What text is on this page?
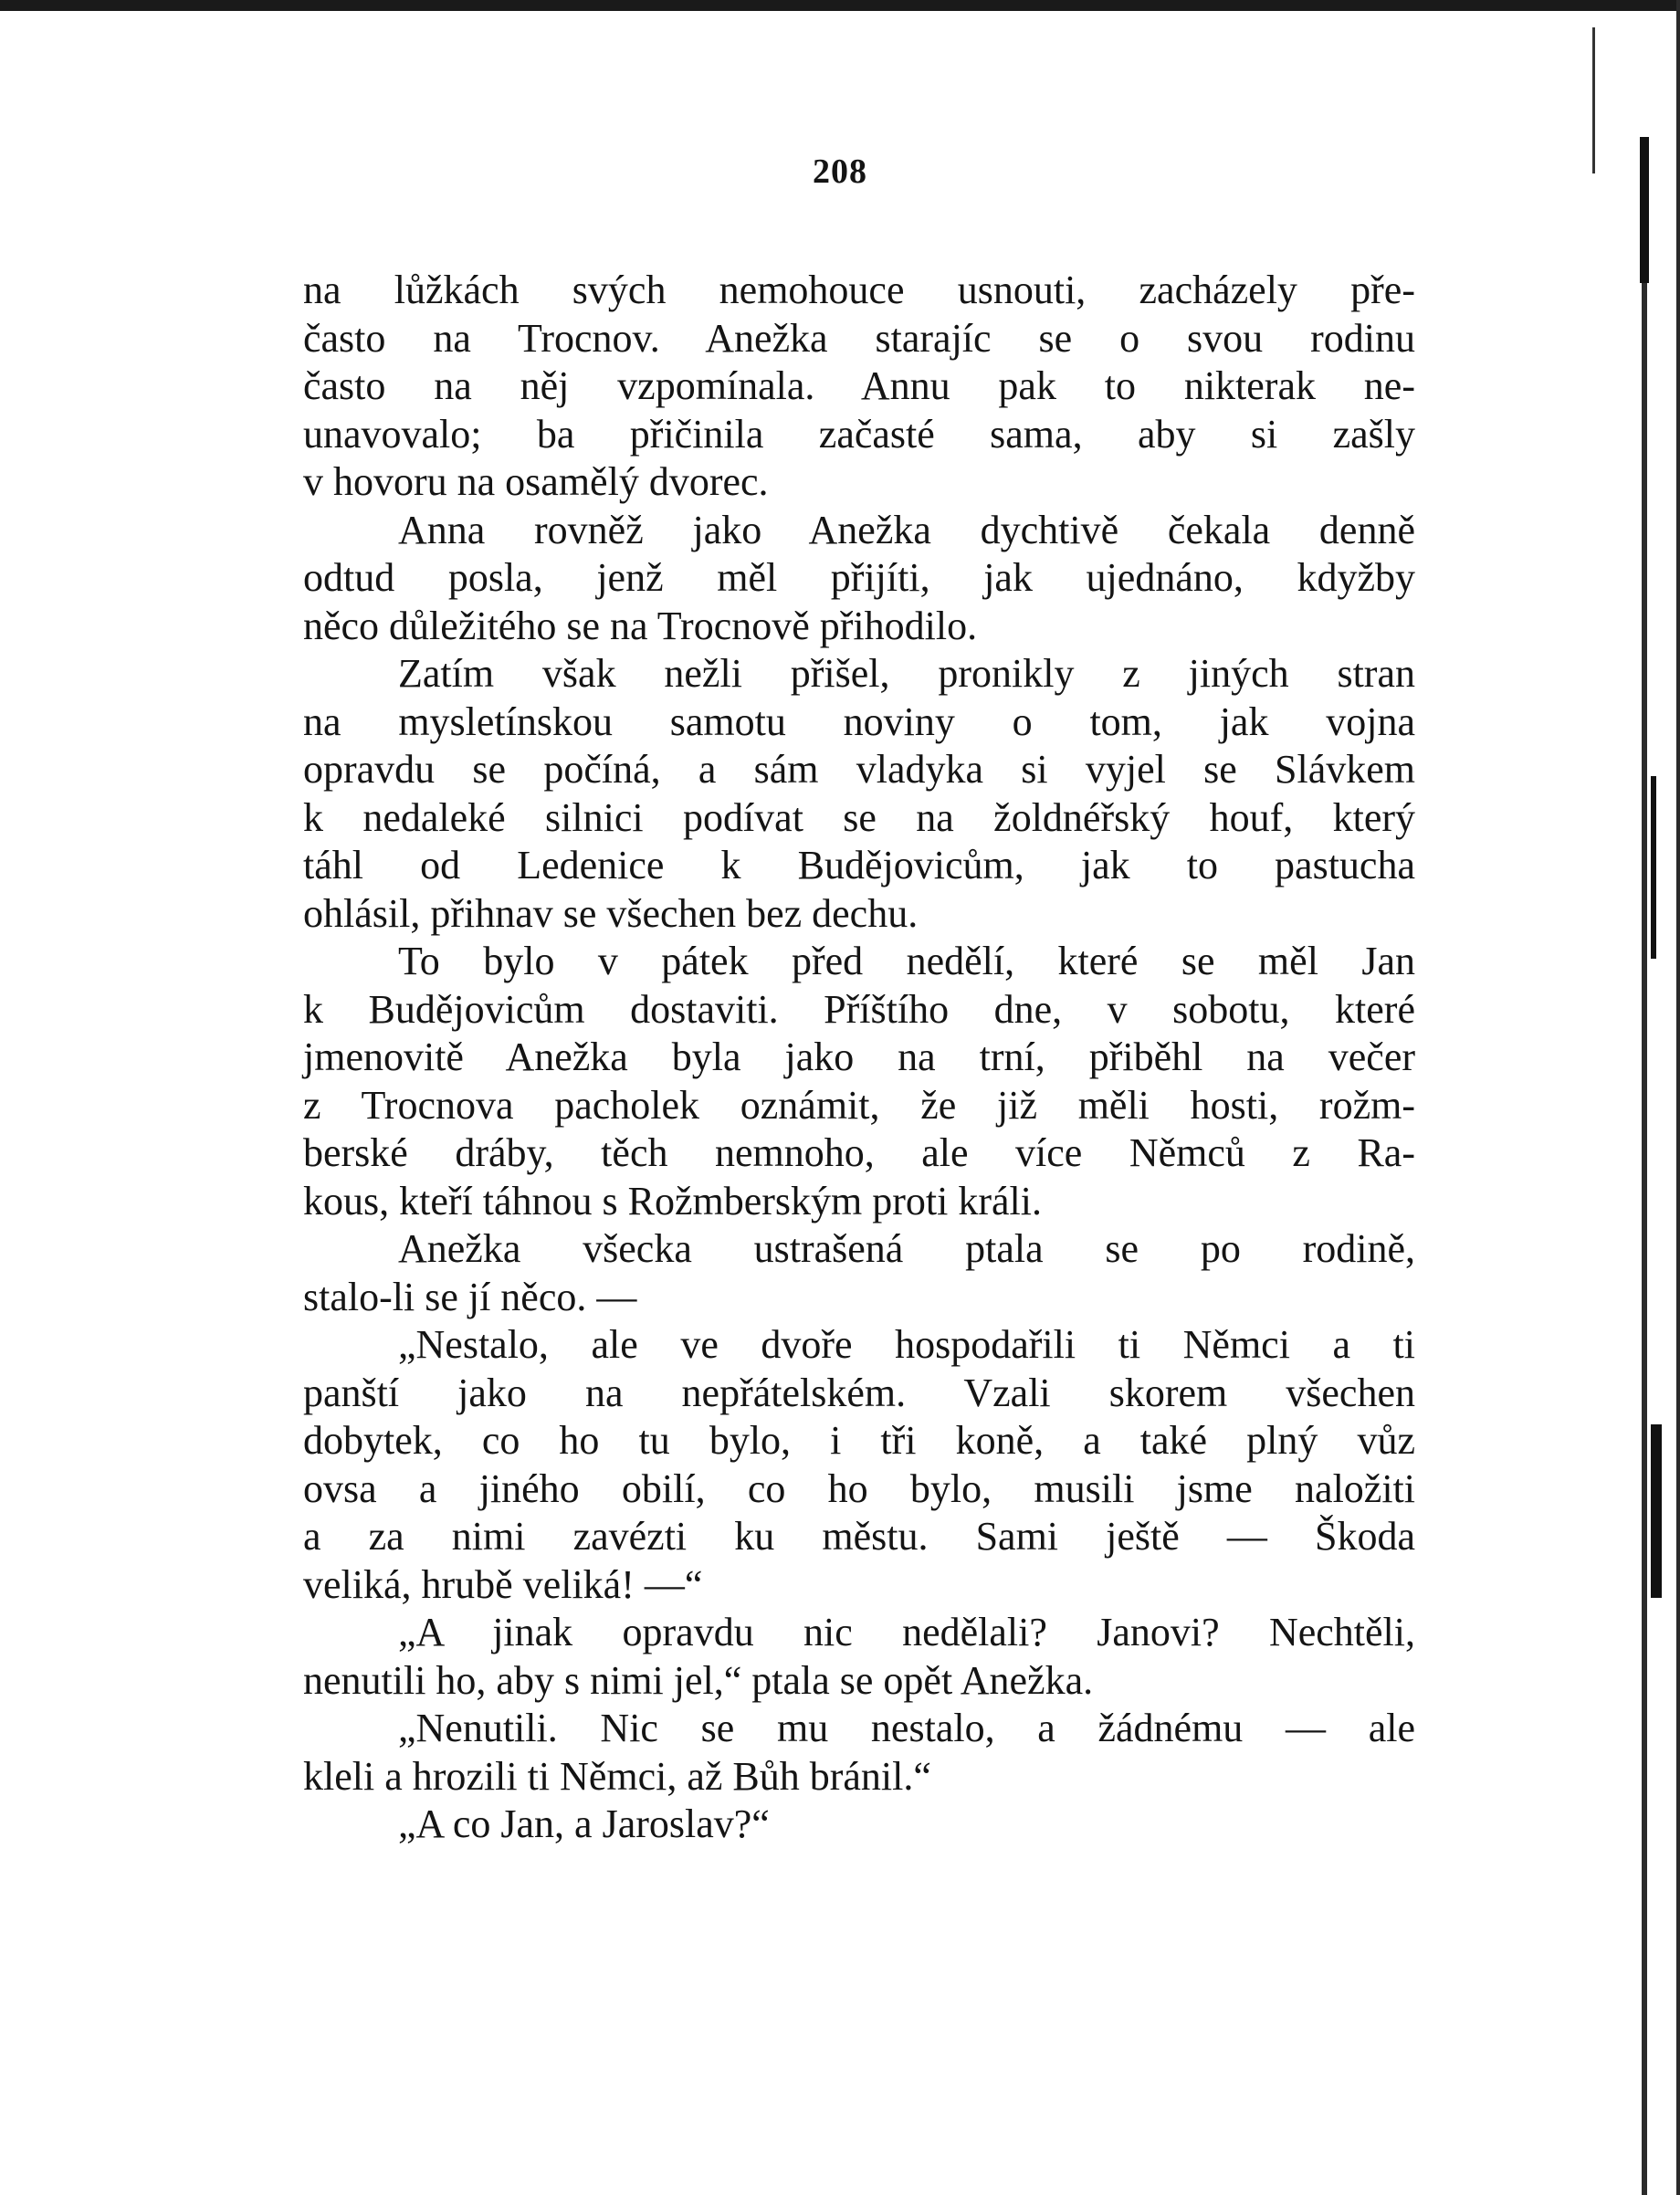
208
na lůžkách svých nemohouce usnouti, zacházely pře-
často na Trocnov. Anežka starajíc se o svou rodinu
často na něj vzpomínala. Annu pak to nikterak ne-
unavovalo; ba přičinila začasté sama, aby si zašly
v hovoru na osamělý dvorec.
Anna rovněž jako Anežka dychtivě čekala denně
odtud posla, jenž měl přijíti, jak ujednáno, kdyžby
něco důležitého se na Trocnově přihodilo.
Zatím však nežli přišel, pronikly z jiných stran
na mysletínskou samotu noviny o tom, jak vojna
opravdu se počíná, a sám vladyka si vyjel se Slávkem
k nedaleké silnici podívat se na žoldnéřský houf, který
táhl od Ledenice k Budějovicům, jak to pastucha
ohlásil, přihnav se všechen bez dechu.
To bylo v pátek před nedělí, které se měl Jan
k Budějovicům dostaviti. Příštího dne, v sobotu, které
jmenovitě Anežka byla jako na trní, přiběhl na večer
z Trocnova pacholek oznámit, že již měli hosti, rožm-
berské dráby, těch nemnoho, ale více Němců z Ra-
kous, kteří táhnou s Rožmberským proti králi.
Anežka všecka ustrašená ptala se po rodině,
stalo-li se jí něco. —
„Nestalo, ale ve dvoře hospodařili ti Němci a ti
panští jako na nepřátelském. Vzali skorem všechen
dobytek, co ho tu bylo, i tři koně, a také plný vůz
ovsa a jiného obilí, co ho bylo, musili jsme naložiti
a za nimi zavézti ku městu. Sami ještě — Škoda
veliká, hrubě veliká! —“
„A jinak opravdu nic nedělali? Janovi? Nechtěli,
nenutili ho, aby s nimi jel,“ ptala se opět Anežka.
„Nenutili. Nic se mu nestalo, a žádnému — ale
kleli a hrozili ti Němci, až Bůh bránil.“
„A co Jan, a Jaroslav?“
